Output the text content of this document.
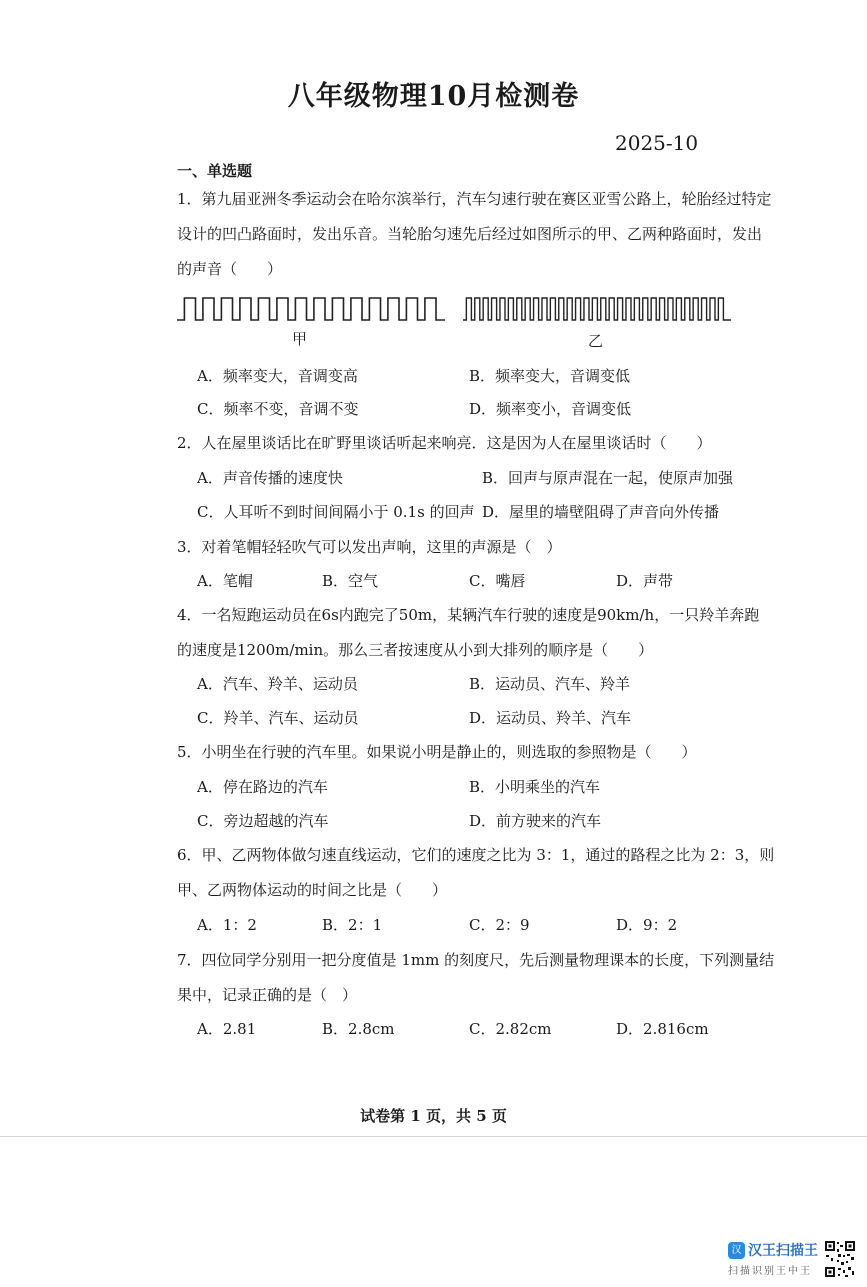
八年级物理10月检测卷
2025-10
一、单选题
1．第九届亚洲冬季运动会在哈尔滨举行，汽车匀速行驶在赛区亚雪公路上，轮胎经过特定
设计的凹凸路面时，发出乐音。当轮胎匀速先后经过如图所示的甲、乙两种路面时，发出
的声音（　　）
甲	乙
A．频率变大，音调变高	B．频率变大，音调变低
C．频率不变，音调不变	D．频率变小，音调变低
2．人在屋里谈话比在旷野里谈话听起来响亮．这是因为人在屋里谈话时（　　）
A．声音传播的速度快	B．回声与原声混在一起，使原声加强
C．人耳听不到时间间隔小于 0.1s 的回声 D．屋里的墙壁阻碍了声音向外传播
3．对着笔帽轻轻吹气可以发出声响，这里的声源是（　）
A．笔帽	B．空气	C．嘴唇	D．声带
4．一名短跑运动员在6s内跑完了50m，某辆汽车行驶的速度是90km/h，一只羚羊奔跑
的速度是1200m/min。那么三者按速度从小到大排列的顺序是（　　）
A．汽车、羚羊、运动员	B．运动员、汽车、羚羊
C．羚羊、汽车、运动员	D．运动员、羚羊、汽车
5．小明坐在行驶的汽车里。如果说小明是静止的，则选取的参照物是（　　）
A．停在路边的汽车	B．小明乘坐的汽车
C．旁边超越的汽车	D．前方驶来的汽车
6．甲、乙两物体做匀速直线运动，它们的速度之比为 3：1，通过的路程之比为 2：3，则
甲、乙两物体运动的时间之比是（　　）
A．1：2	B．2：1	C．2：9	D．9：2
7．四位同学分别用一把分度值是 1mm 的刻度尺，先后测量物理课本的长度，下列测量结
果中，记录正确的是（　）
A．2.81	B．2.8cm	C．2.82cm	D．2.816cm
试卷第 1 页，共 5 页
汉 汉王扫描王
扫描识别王中王
